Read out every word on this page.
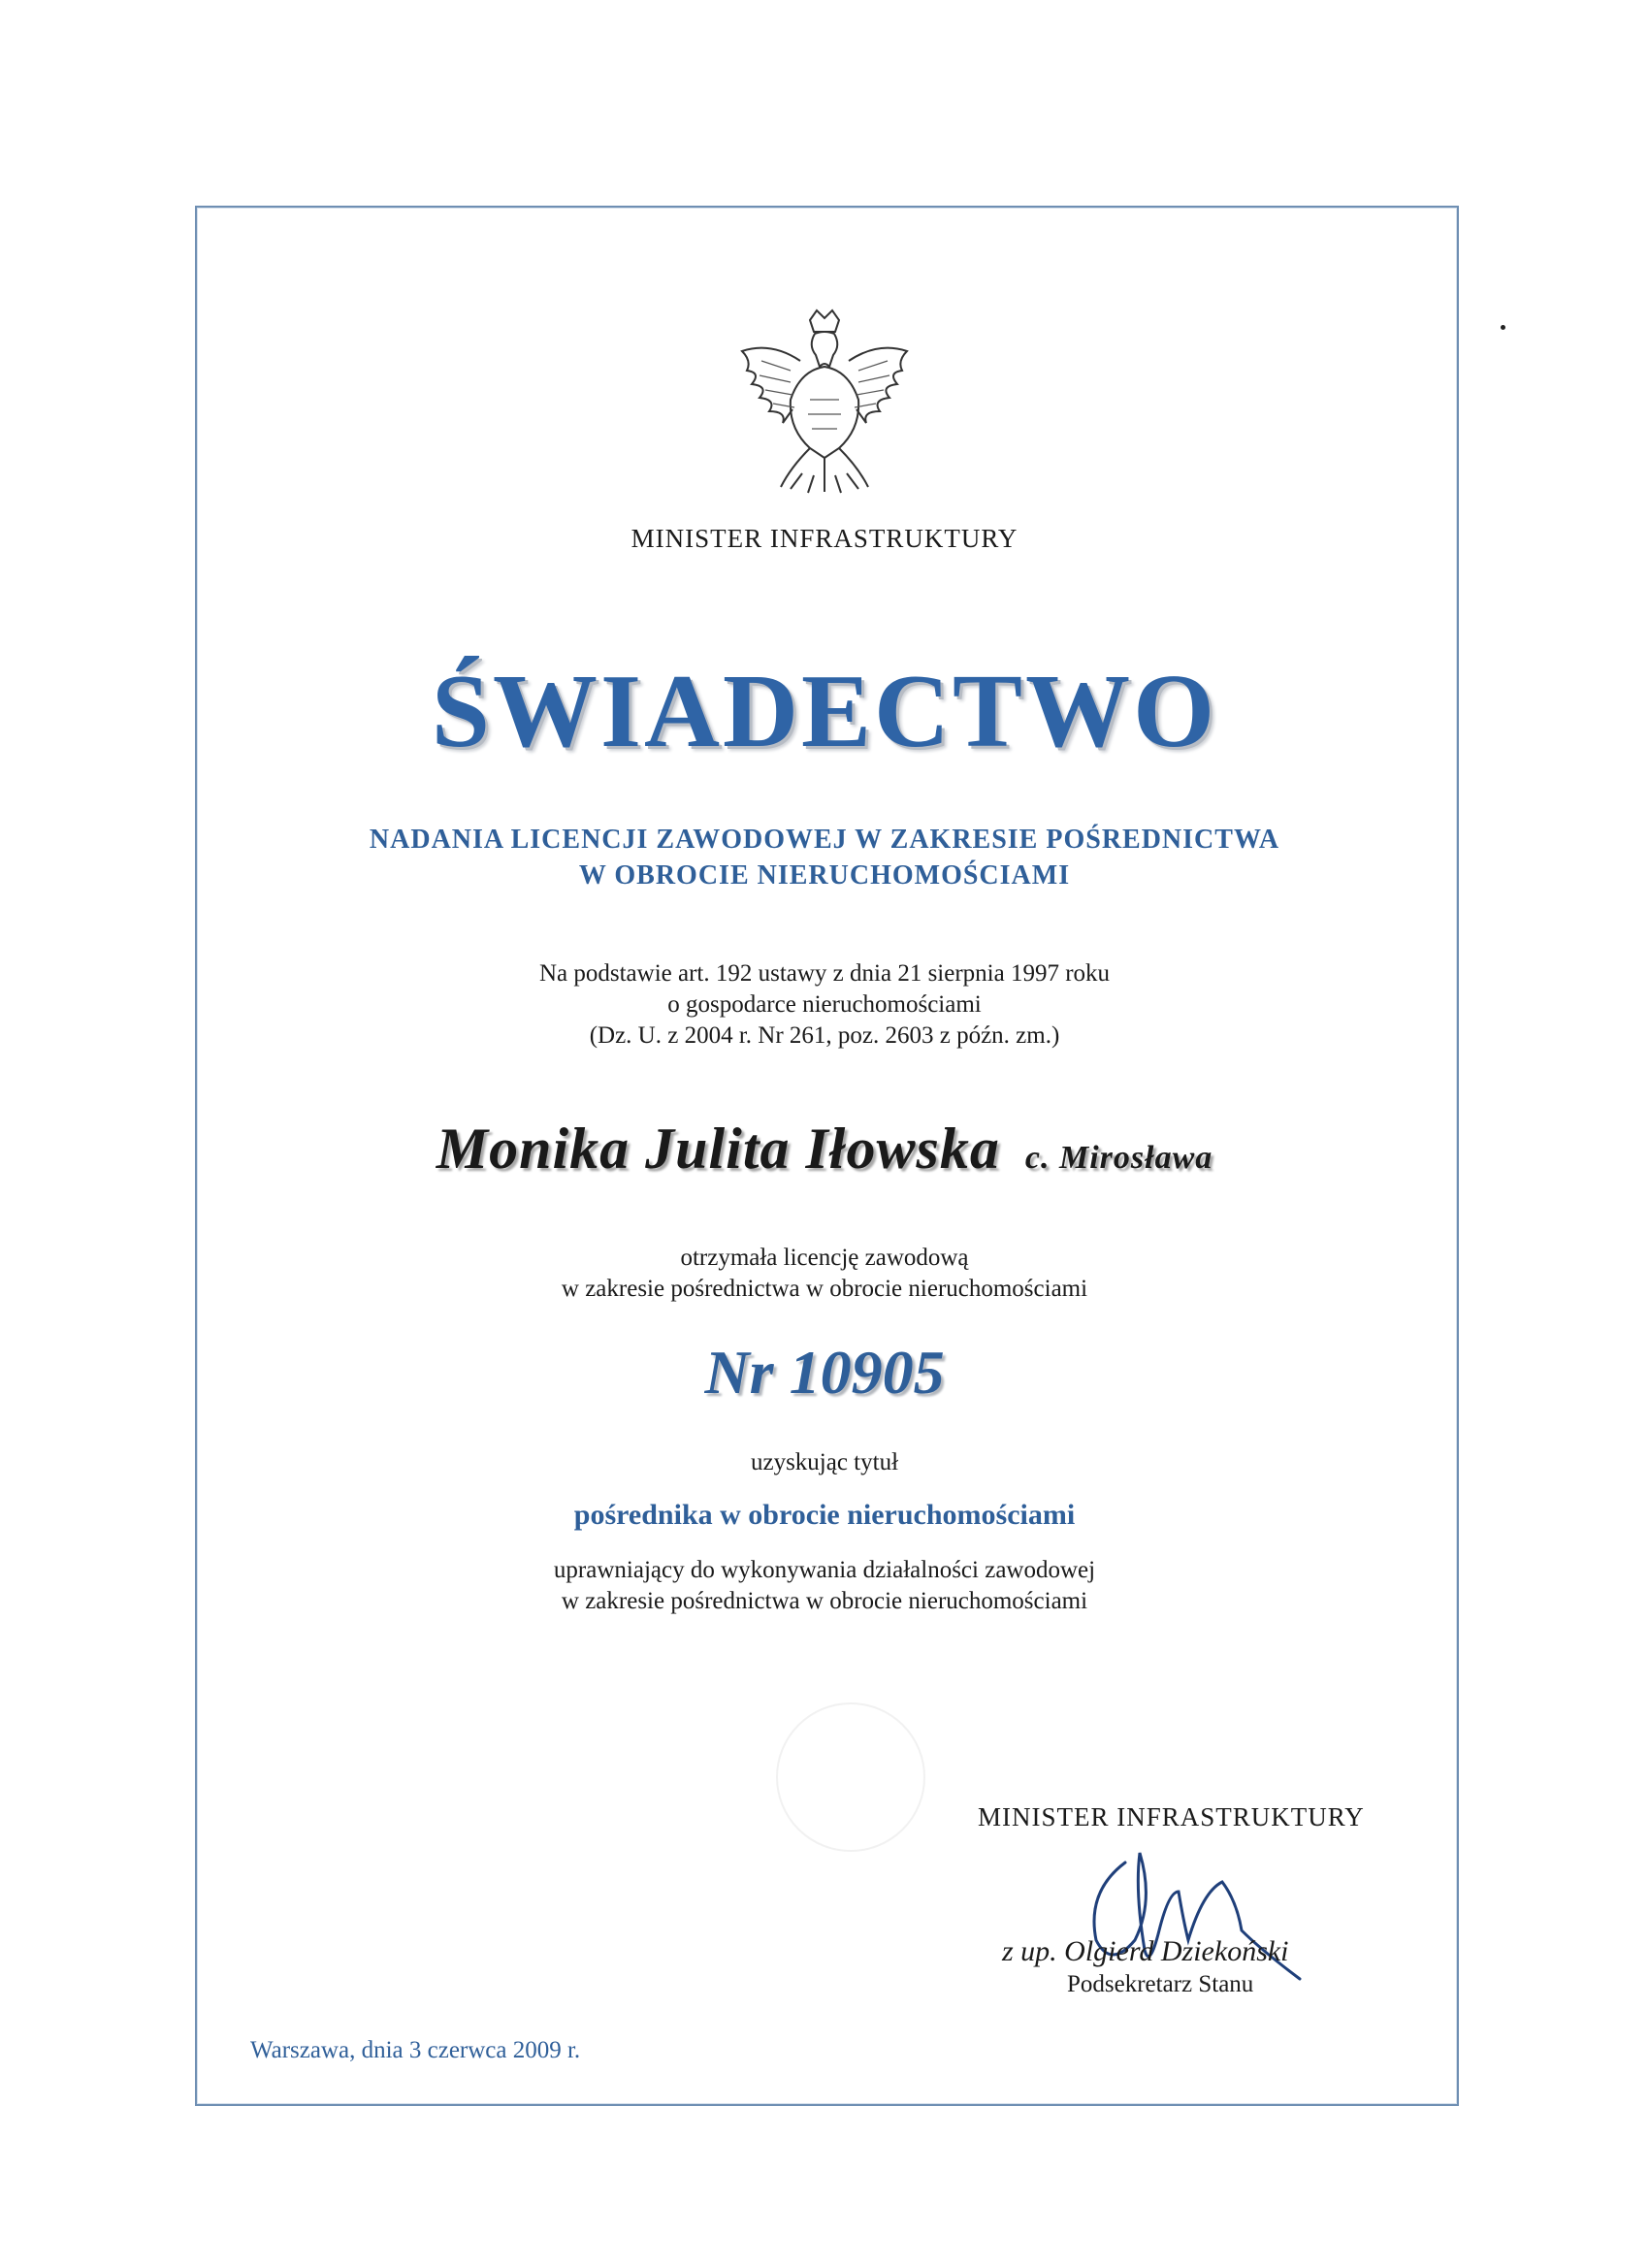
MINISTER INFRASTRUKTURY
ŚWIADECTWO
NADANIA LICENCJI ZAWODOWEJ W ZAKRESIE POŚREDNICTWA
W OBROCIE NIERUCHOMOŚCIAMI
Na podstawie art. 192 ustawy z dnia 21 sierpnia 1997 roku
o gospodarce nieruchomościami
(Dz. U. z 2004 r. Nr 261, poz. 2603 z późn. zm.)
Monika Julita Iłowska c. Mirosława
otrzymała licencję zawodową
w zakresie pośrednictwa w obrocie nieruchomościami
Nr 10905
uzyskując tytuł
pośrednika w obrocie nieruchomościami
uprawniający do wykonywania działalności zawodowej
w zakresie pośrednictwa w obrocie nieruchomościami
MINISTER INFRASTRUKTURY
z up. Olgierd Dziekoński
Podsekretarz Stanu
Warszawa, dnia 3 czerwca 2009 r.
